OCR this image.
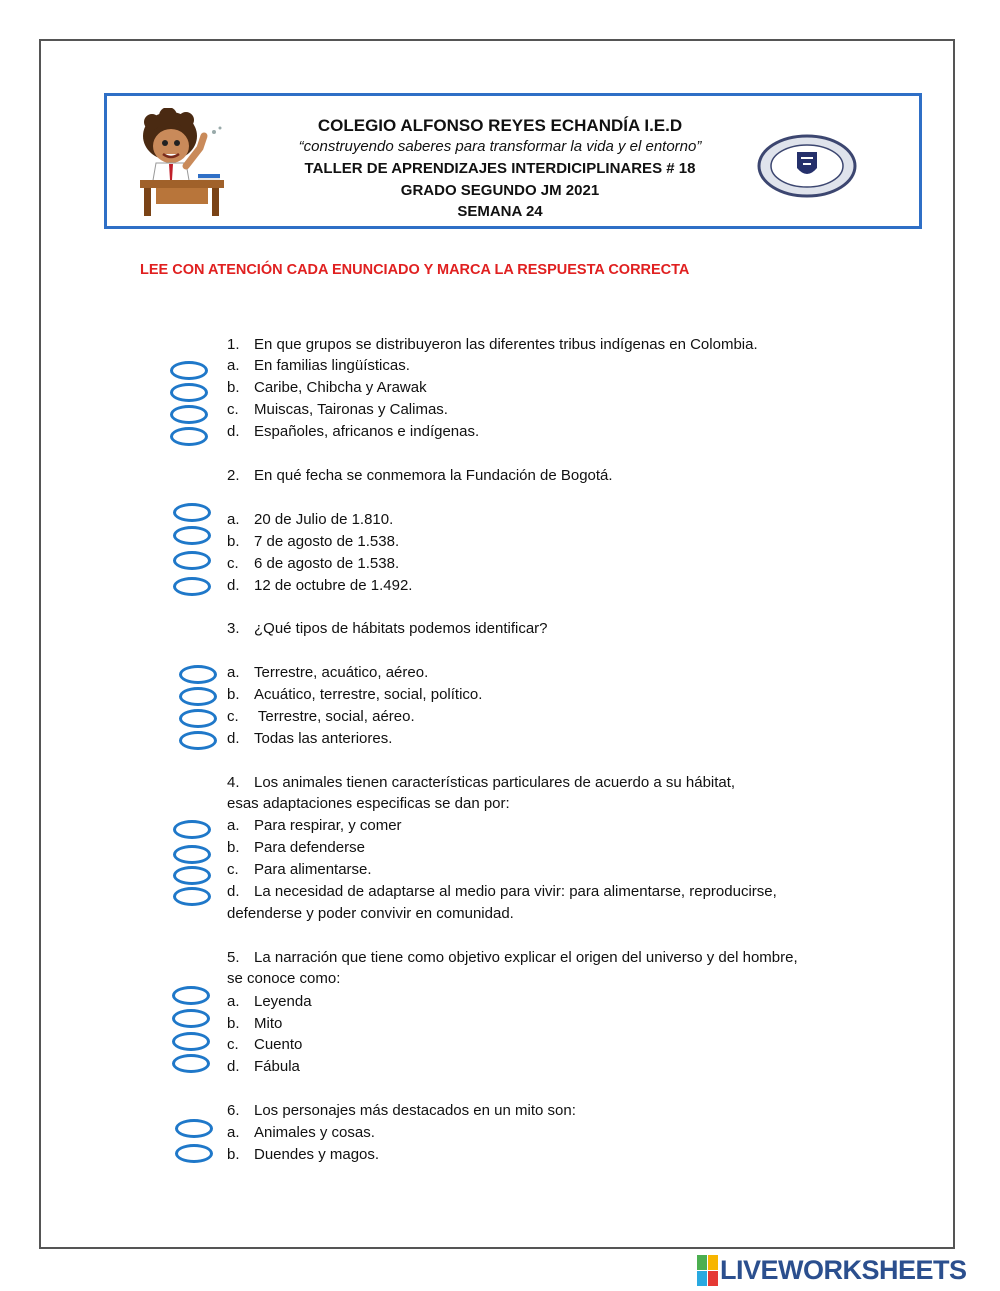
COLEGIO ALFONSO REYES ECHANDÍA I.E.D
“construyendo saberes para transformar la vida y el entorno”
TALLER DE APRENDIZAJES INTERDICIPLINARES # 18
GRADO SEGUNDO JM 2021
SEMANA 24
LEE CON ATENCIÓN CADA ENUNCIADO Y MARCA LA RESPUESTA CORRECTA
1. En que grupos se distribuyeron las diferentes tribus indígenas en Colombia.
a. En familias lingüísticas.
b. Caribe, Chibcha y Arawak
c. Muiscas, Taironas y Calimas.
d. Españoles, africanos e indígenas.
2. En qué fecha se conmemora la Fundación de Bogotá.
a. 20 de Julio de 1.810.
b. 7 de agosto de 1.538.
c. 6 de agosto de 1.538.
d. 12 de octubre de 1.492.
3. ¿Qué tipos de hábitats podemos identificar?
a. Terrestre, acuático, aéreo.
b. Acuático, terrestre, social, político.
c. Terrestre, social, aéreo.
d. Todas las anteriores.
4. Los animales tienen características particulares de acuerdo a su hábitat,
esas adaptaciones especificas se dan por:
a. Para respirar, y comer
b. Para defenderse
c. Para alimentarse.
d. La necesidad de adaptarse al medio para vivir: para alimentarse, reproducirse,
defenderse y poder convivir en comunidad.
5. La narración que tiene como objetivo explicar el origen del universo y del hombre,
se conoce como:
a. Leyenda
b. Mito
c. Cuento
d. Fábula
6. Los personajes más destacados en un mito son:
a. Animales y cosas.
b. Duendes y magos.
LIVEWORKSHEETS
